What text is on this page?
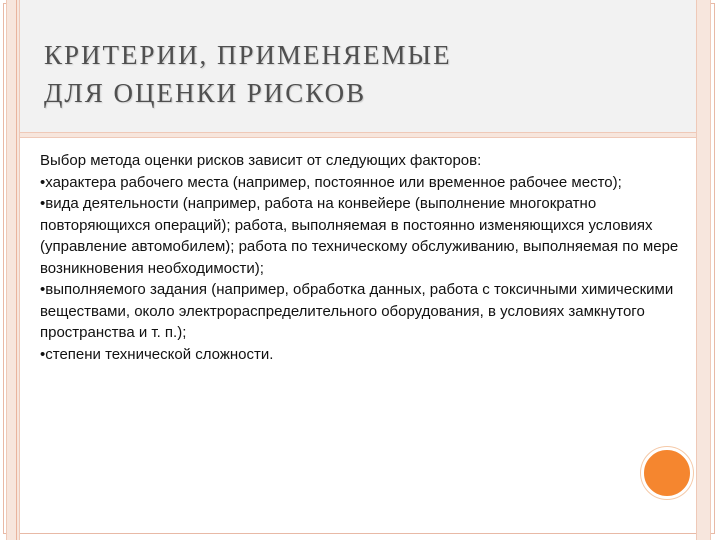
КРИТЕРИИ, ПРИМЕНЯЕМЫЕ
ДЛЯ ОЦЕНКИ РИСКОВ
Выбор метода оценки рисков зависит от следующих факторов:
•характера рабочего места (например, постоянное или временное рабочее место);
•вида деятельности (например, работа на конвейере (выполнение многократно повторяющихся операций); работа, выполняемая в постоянно изменяющихся условиях (управление автомобилем); работа по техническому обслуживанию, выполняемая по мере возникновения необходимости);
•выполняемого задания (например, обработка данных, работа с токсичными химическими веществами, около электрораспределительного оборудования, в условиях замкнутого пространства и т. п.);
•степени технической сложности.
